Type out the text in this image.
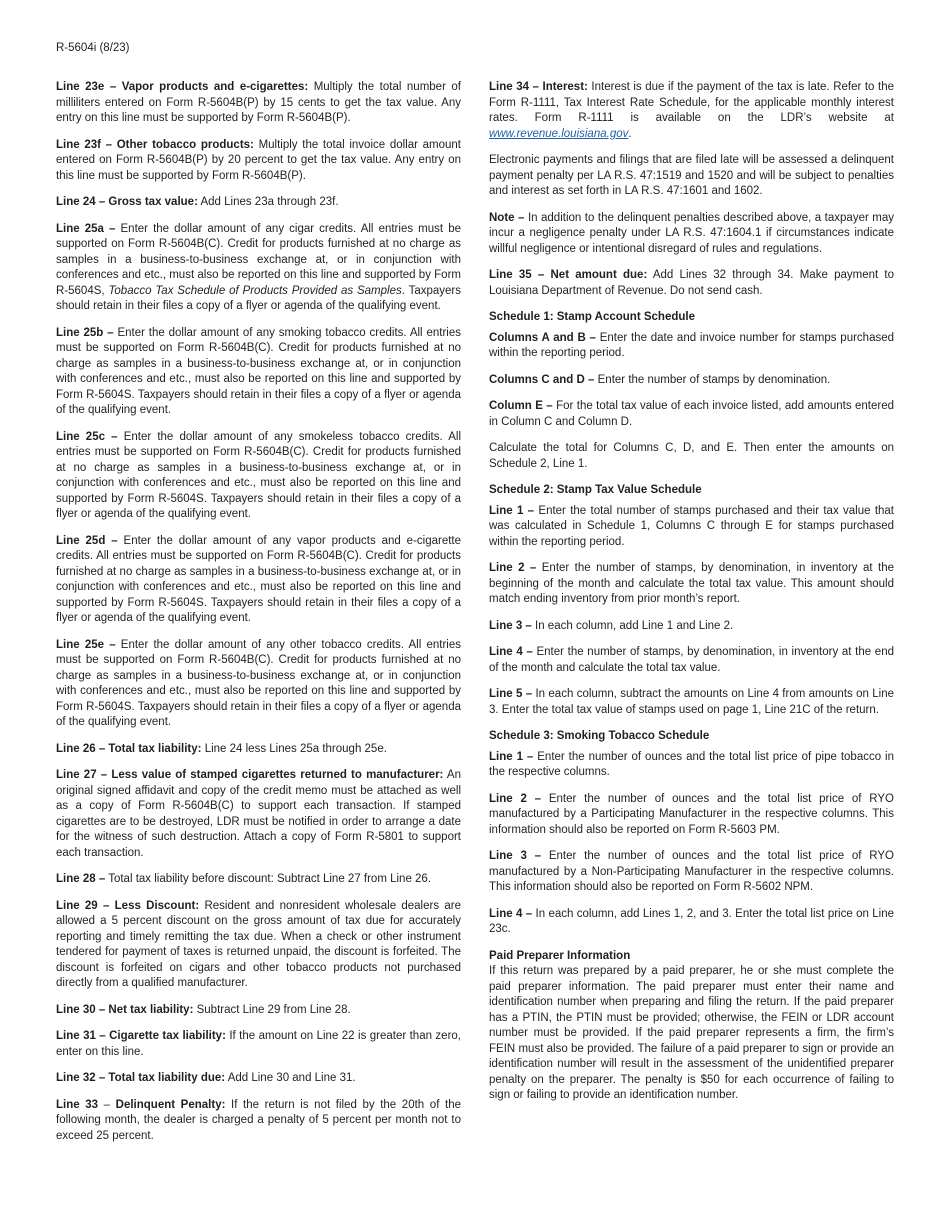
R-5604i (8/23)

Line 23e – Vapor products and e-cigarettes: Multiply the total number of milliliters entered on Form R-5604B(P) by 15 cents to get the tax value. Any entry on this line must be supported by Form R-5604B(P).

Line 23f – Other tobacco products: Multiply the total invoice dollar amount entered on Form R-5604B(P) by 20 percent to get the tax value. Any entry on this line must be supported by Form R-5604B(P).

Line 24 – Gross tax value: Add Lines 23a through 23f.

Line 25a – Enter the dollar amount of any cigar credits. All entries must be supported on Form R-5604B(C). Credit for products furnished at no charge as samples in a business-to-business exchange at, or in conjunction with conferences and etc., must also be reported on this line and supported by Form R-5604S, Tobacco Tax Schedule of Products Provided as Samples. Taxpayers should retain in their files a copy of a flyer or agenda of the qualifying event.

Line 25b – Enter the dollar amount of any smoking tobacco credits. All entries must be supported on Form R-5604B(C). Credit for products furnished at no charge as samples in a business-to-business exchange at, or in conjunction with conferences and etc., must also be reported on this line and supported by Form R-5604S. Taxpayers should retain in their files a copy of a flyer or agenda of the qualifying event.

Line 25c – Enter the dollar amount of any smokeless tobacco credits. All entries must be supported on Form R-5604B(C). Credit for products furnished at no charge as samples in a business-to-business exchange at, or in conjunction with conferences and etc., must also be reported on this line and supported by Form R-5604S. Taxpayers should retain in their files a copy of a flyer or agenda of the qualifying event.

Line 25d – Enter the dollar amount of any vapor products and e-cigarette credits. All entries must be supported on Form R-5604B(C). Credit for products furnished at no charge as samples in a business-to-business exchange at, or in conjunction with conferences and etc., must also be reported on this line and supported by Form R-5604S. Taxpayers should retain in their files a copy of a flyer or agenda of the qualifying event.

Line 25e – Enter the dollar amount of any other tobacco credits. All entries must be supported on Form R-5604B(C). Credit for products furnished at no charge as samples in a business-to-business exchange at, or in conjunction with conferences and etc., must also be reported on this line and supported by Form R-5604S. Taxpayers should retain in their files a copy of a flyer or agenda of the qualifying event.

Line 26 – Total tax liability: Line 24 less Lines 25a through 25e.

Line 27 – Less value of stamped cigarettes returned to manufacturer: An original signed affidavit and copy of the credit memo must be attached as well as a copy of Form R-5604B(C) to support each transaction. If stamped cigarettes are to be destroyed, LDR must be notified in order to arrange a date for the witness of such destruction. Attach a copy of Form R-5801 to support each transaction.

Line 28 – Total tax liability before discount: Subtract Line 27 from Line 26.

Line 29 – Less Discount: Resident and nonresident wholesale dealers are allowed a 5 percent discount on the gross amount of tax due for accurately reporting and timely remitting the tax due. When a check or other instrument tendered for payment of taxes is returned unpaid, the discount is forfeited. The discount is forfeited on cigars and other tobacco products not purchased directly from a qualified manufacturer.

Line 30 – Net tax liability: Subtract Line 29 from Line 28.

Line 31 – Cigarette tax liability: If the amount on Line 22 is greater than zero, enter on this line.

Line 32 – Total tax liability due: Add Line 30 and Line 31.

Line 33 – Delinquent Penalty: If the return is not filed by the 20th of the following month, the dealer is charged a penalty of 5 percent per month not to exceed 25 percent.

Line 34 – Interest: Interest is due if the payment of the tax is late. Refer to the Form R-1111, Tax Interest Rate Schedule, for the applicable monthly interest rates. Form R-1111 is available on the LDR’s website at www.revenue.louisiana.gov.

Electronic payments and filings that are filed late will be assessed a delinquent payment penalty per LA R.S. 47:1519 and 1520 and will be subject to penalties and interest as set forth in LA R.S. 47:1601 and 1602.

Note – In addition to the delinquent penalties described above, a taxpayer may incur a negligence penalty under LA R.S. 47:1604.1 if circumstances indicate willful negligence or intentional disregard of rules and regulations.

Line 35 – Net amount due: Add Lines 32 through 34. Make payment to Louisiana Department of Revenue. Do not send cash.

Schedule 1: Stamp Account Schedule

Columns A and B – Enter the date and invoice number for stamps purchased within the reporting period.

Columns C and D – Enter the number of stamps by denomination.

Column E – For the total tax value of each invoice listed, add amounts entered in Column C and Column D.

Calculate the total for Columns C, D, and E. Then enter the amounts on Schedule 2, Line 1.

Schedule 2: Stamp Tax Value Schedule

Line 1 – Enter the total number of stamps purchased and their tax value that was calculated in Schedule 1, Columns C through E for stamps purchased within the reporting period.

Line 2 – Enter the number of stamps, by denomination, in inventory at the beginning of the month and calculate the total tax value. This amount should match ending inventory from prior month’s report.

Line 3 – In each column, add Line 1 and Line 2.

Line 4 – Enter the number of stamps, by denomination, in inventory at the end of the month and calculate the total tax value.

Line 5 – In each column, subtract the amounts on Line 4 from amounts on Line 3. Enter the total tax value of stamps used on page 1, Line 21C of the return.

Schedule 3: Smoking Tobacco Schedule

Line 1 – Enter the number of ounces and the total list price of pipe tobacco in the respective columns.

Line 2 – Enter the number of ounces and the total list price of RYO manufactured by a Participating Manufacturer in the respective columns. This information should also be reported on Form R-5603 PM.

Line 3 – Enter the number of ounces and the total list price of RYO manufactured by a Non-Participating Manufacturer in the respective columns. This information should also be reported on Form R-5602 NPM.

Line 4 – In each column, add Lines 1, 2, and 3. Enter the total list price on Line 23c.

Paid Preparer Information

If this return was prepared by a paid preparer, he or she must complete the paid preparer information. The paid preparer must enter their name and identification number when preparing and filing the return. If the paid preparer has a PTIN, the PTIN must be provided; otherwise, the FEIN or LDR account number must be provided. If the paid preparer represents a firm, the firm’s FEIN must also be provided. The failure of a paid preparer to sign or provide an identification number will result in the assessment of the unidentified preparer penalty on the preparer. The penalty is $50 for each occurrence of failing to sign or failing to provide an identification number.
